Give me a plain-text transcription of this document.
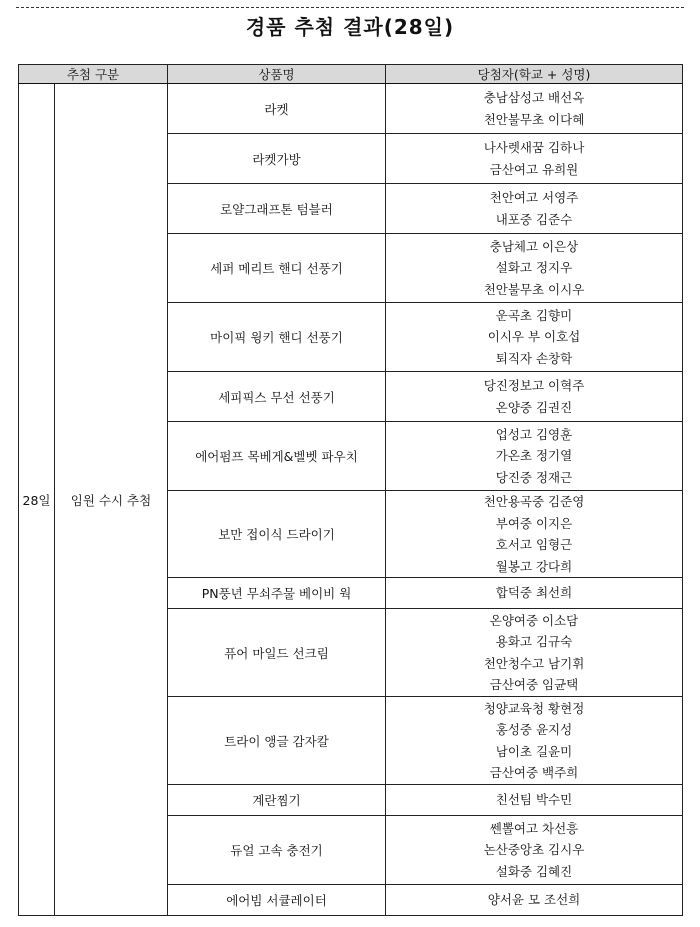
경품 추첨 결과(28일)
추첨 구분		상품명	당첨자(학교 + 성명)
28일	임원 수시 추첨	라켓	충남삼성고 배선옥
천안불무초 이다혜

		라켓가방	나사렛새꿈 김하나
금산여고 유희원

		로얄그래프톤 텀블러	천안여고 서영주
내포중 김준수

		세퍼 메리트 핸디 선풍기	충남체고 이은상
설화고 정지우
천안불무초 이시우

		마이픽 윙키 핸디 선풍기	운곡초 김향미
이시우 부 이호섭
퇴직자 손창학

		세피픽스 무선 선풍기	당진정보고 이혁주
온양중 김권진

		에어펌프 목베게&벨벳 파우치	업성고 김영훈
가온초 정기열
당진중 정재근

		보만 접이식 드라이기	천안용곡중 김준영
부여중 이지은
호서고 임형근
월봉고 강다희

		PN풍년 무쇠주물 베이비 웍	합덕중 최선희

		퓨어 마일드 선크림	온양여중 이소담
용화고 김규숙
천안청수고 남기휘
금산여중 임균택

		트라이 앵글 감자칼	청양교육청 황현정
홍성중 윤지성
남이초 길윤미
금산여중 백주희

		계란찜기	친선팀 박수민

		듀얼 고속 충전기	쎈뽈여고 차선흥
논산중앙초 김시우
설화중 김혜진

		에어빔 서큘레이터	양서윤 모 조선희
